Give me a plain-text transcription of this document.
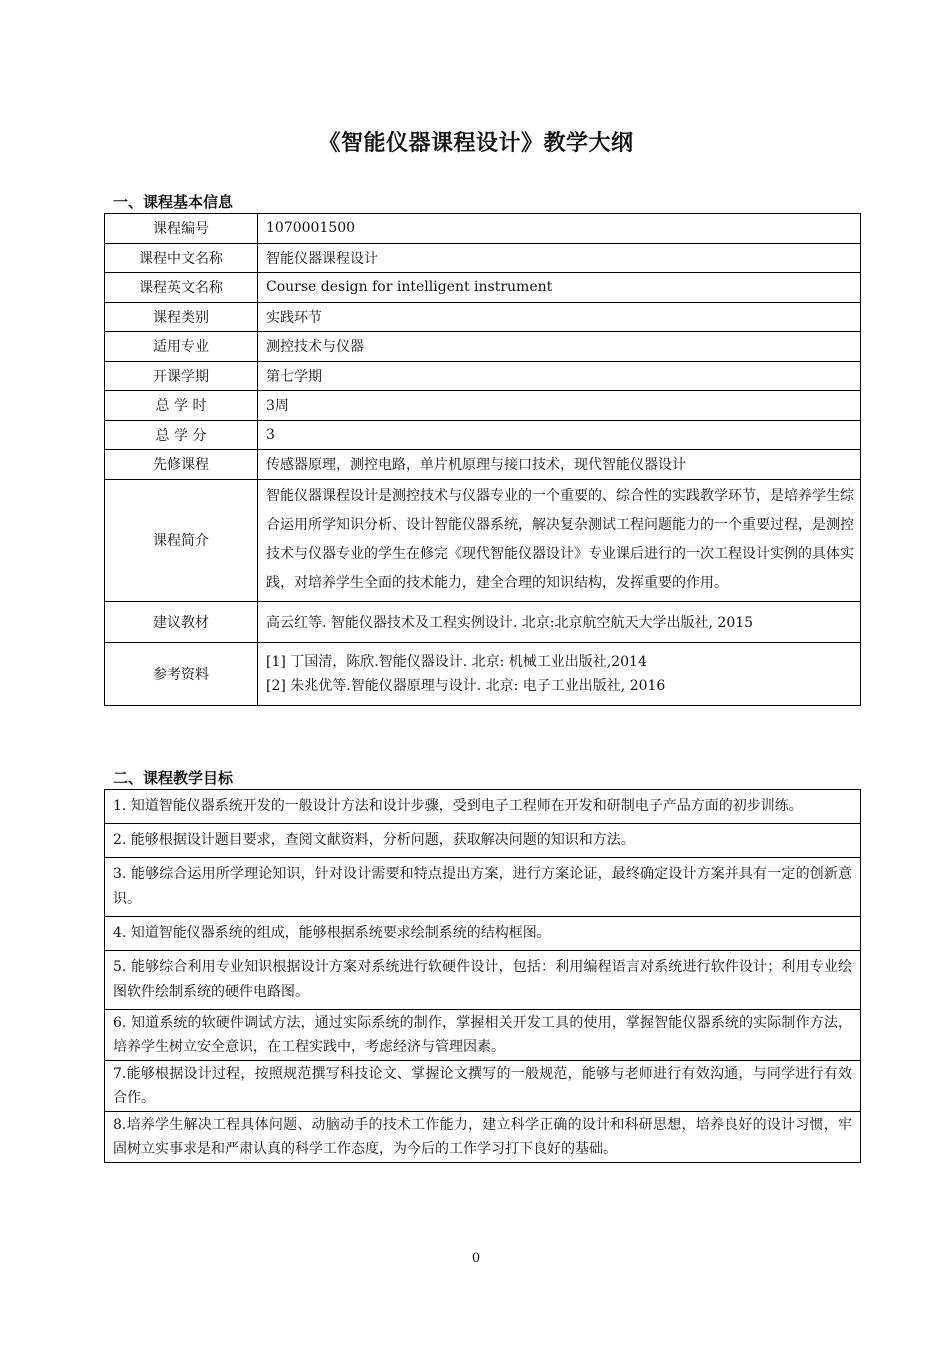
《智能仪器课程设计》教学大纲
一、课程基本信息
课程编号	1070001500
课程中文名称	智能仪器课程设计
课程英文名称	Course design for intelligent instrument
课程类别	实践环节
适用专业	测控技术与仪器
开课学期	第七学期
总 学 时	3周
总 学 分	3
先修课程	传感器原理，测控电路，单片机原理与接口技术，现代智能仪器设计
课程简介	智能仪器课程设计是测控技术与仪器专业的一个重要的、综合性的实践教学环节，是培养学生综合运用所学知识分析、设计智能仪器系统，解决复杂测试工程问题能力的一个重要过程，是测控技术与仪器专业的学生在修完《现代智能仪器设计》专业课后进行的一次工程设计实例的具体实践，对培养学生全面的技术能力，建全合理的知识结构，发挥重要的作用。
建议教材	高云红等. 智能仪器技术及工程实例设计. 北京:北京航空航天大学出版社, 2015
参考资料	[1] 丁国清，陈欣.智能仪器设计. 北京: 机械工业出版社,2014
[2] 朱兆优等.智能仪器原理与设计. 北京: 电子工业出版社, 2016
二、课程教学目标
1. 知道智能仪器系统开发的一般设计方法和设计步骤，受到电子工程师在开发和研制电子产品方面的初步训练。
2. 能够根据设计题目要求，查阅文献资料，分析问题，获取解决问题的知识和方法。
3. 能够综合运用所学理论知识，针对设计需要和特点提出方案，进行方案论证，最终确定设计方案并具有一定的创新意识。
4. 知道智能仪器系统的组成，能够根据系统要求绘制系统的结构框图。
5. 能够综合利用专业知识根据设计方案对系统进行软硬件设计，包括：利用编程语言对系统进行软件设计；利用专业绘图软件绘制系统的硬件电路图。
6. 知道系统的软硬件调试方法，通过实际系统的制作，掌握相关开发工具的使用，掌握智能仪器系统的实际制作方法，培养学生树立安全意识，在工程实践中，考虑经济与管理因素。
7.能够根据设计过程，按照规范撰写科技论文、掌握论文撰写的一般规范，能够与老师进行有效沟通，与同学进行有效合作。
8.培养学生解决工程具体问题、动脑动手的技术工作能力，建立科学正确的设计和科研思想，培养良好的设计习惯，牢固树立实事求是和严肃认真的科学工作态度，为今后的工作学习打下良好的基础。
0
